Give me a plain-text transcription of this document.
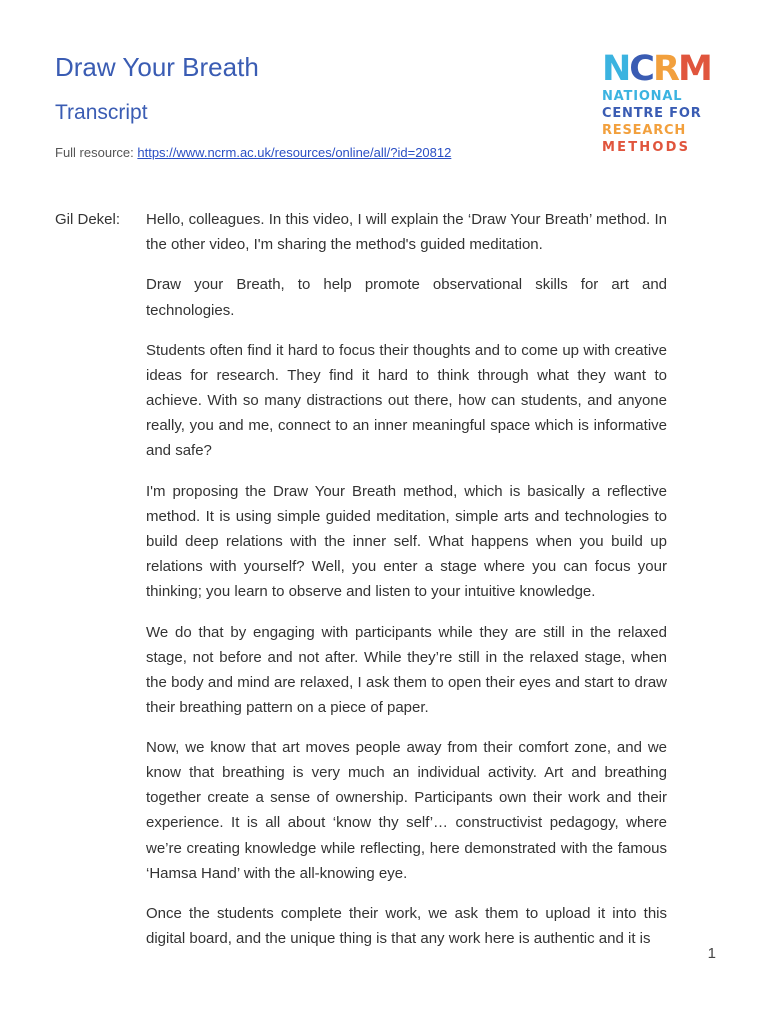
Draw Your Breath
Transcript
Full resource: https://www.ncrm.ac.uk/resources/online/all/?id=20812
NCRM
NATIONAL
CENTRE FOR
RESEARCH
METHODS
Gil Dekel: Hello, colleagues. In this video, I will explain the ‘Draw Your Breath’ method. In the other video, I'm sharing the method's guided meditation.

Draw your Breath, to help promote observational skills for art and technologies.

Students often find it hard to focus their thoughts and to come up with creative ideas for research. They find it hard to think through what they want to achieve. With so many distractions out there, how can students, and anyone really, you and me, connect to an inner meaningful space which is informative and safe?

I'm proposing the Draw Your Breath method, which is basically a reflective method. It is using simple guided meditation, simple arts and technologies to build deep relations with the inner self. What happens when you build up relations with yourself? Well, you enter a stage where you can focus your thinking; you learn to observe and listen to your intuitive knowledge.

We do that by engaging with participants while they are still in the relaxed stage, not before and not after. While they’re still in the relaxed stage, when the body and mind are relaxed, I ask them to open their eyes and start to draw their breathing pattern on a piece of paper.

Now, we know that art moves people away from their comfort zone, and we know that breathing is very much an individual activity. Art and breathing together create a sense of ownership. Participants own their work and their experience. It is all about ‘know thy self’… constructivist pedagogy, where we’re creating knowledge while reflecting, here demonstrated with the famous ‘Hamsa Hand’ with the all-knowing eye.

Once the students complete their work, we ask them to upload it into this digital board, and the unique thing is that any work here is authentic and it is

1
